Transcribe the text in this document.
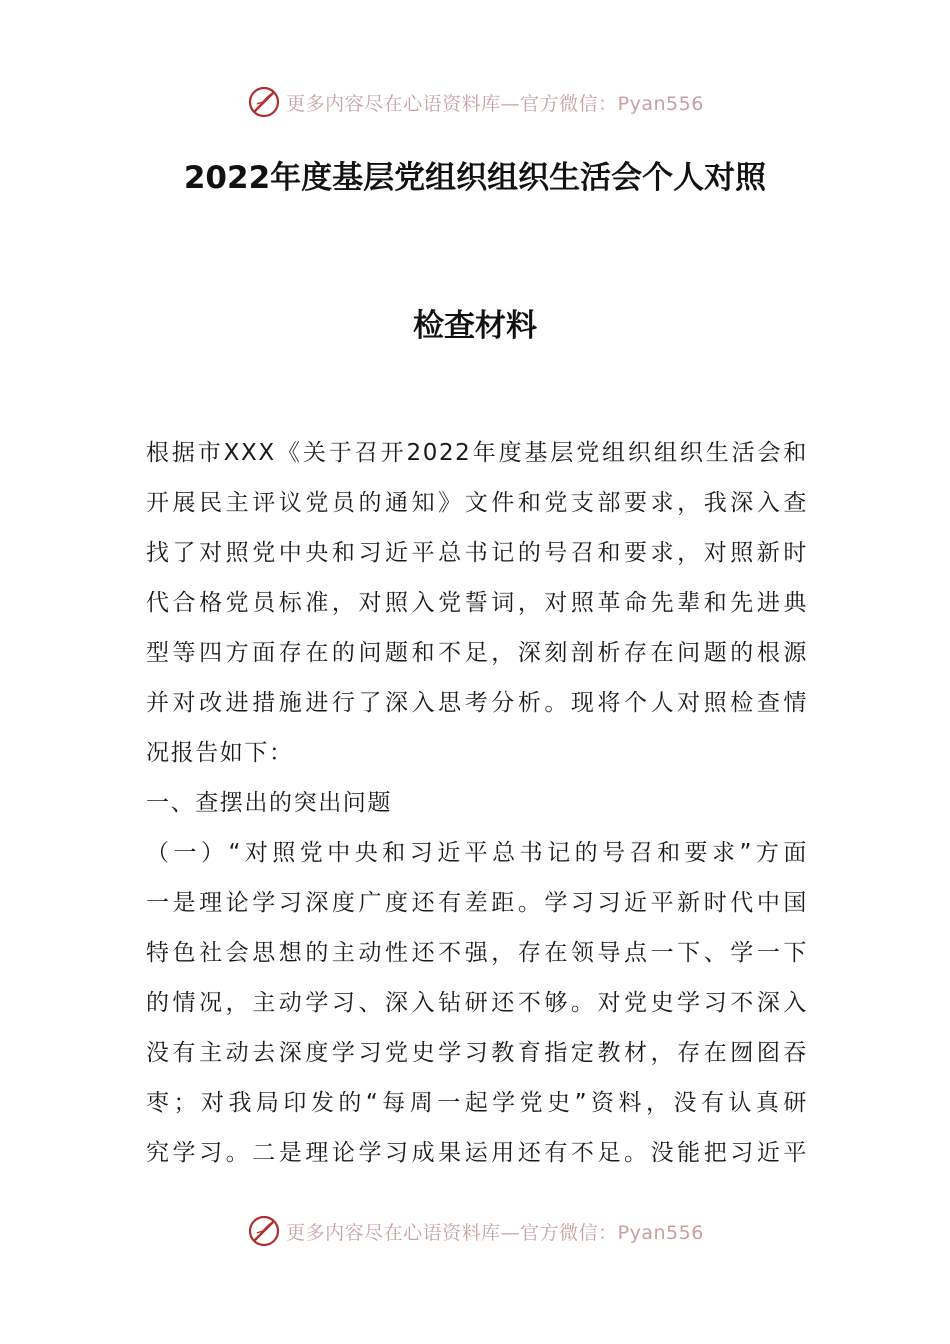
更多内容尽在心语资料库—官方微信：Pyan556
2022年度基层党组织组织生活会个人对照
检查材料
根据市XXX《关于召开2022年度基层党组织组织生活会和
开展民主评议党员的通知》文件和党支部要求，我深入查
找了对照党中央和习近平总书记的号召和要求，对照新时
代合格党员标准，对照入党誓词，对照革命先辈和先进典
型等四方面存在的问题和不足，深刻剖析存在问题的根源
并对改进措施进行了深入思考分析。现将个人对照检查情
况报告如下：
一、查摆出的突出问题
（一）“对照党中央和习近平总书记的号召和要求”方面
一是理论学习深度广度还有差距。学习习近平新时代中国
特色社会思想的主动性还不强，存在领导点一下、学一下
的情况，主动学习、深入钻研还不够。对党史学习不深入
没有主动去深度学习党史学习教育指定教材，存在囫囵吞
枣；对我局印发的“每周一起学党史”资料，没有认真研
究学习。二是理论学习成果运用还有不足。没能把习近平
更多内容尽在心语资料库—官方微信：Pyan556
